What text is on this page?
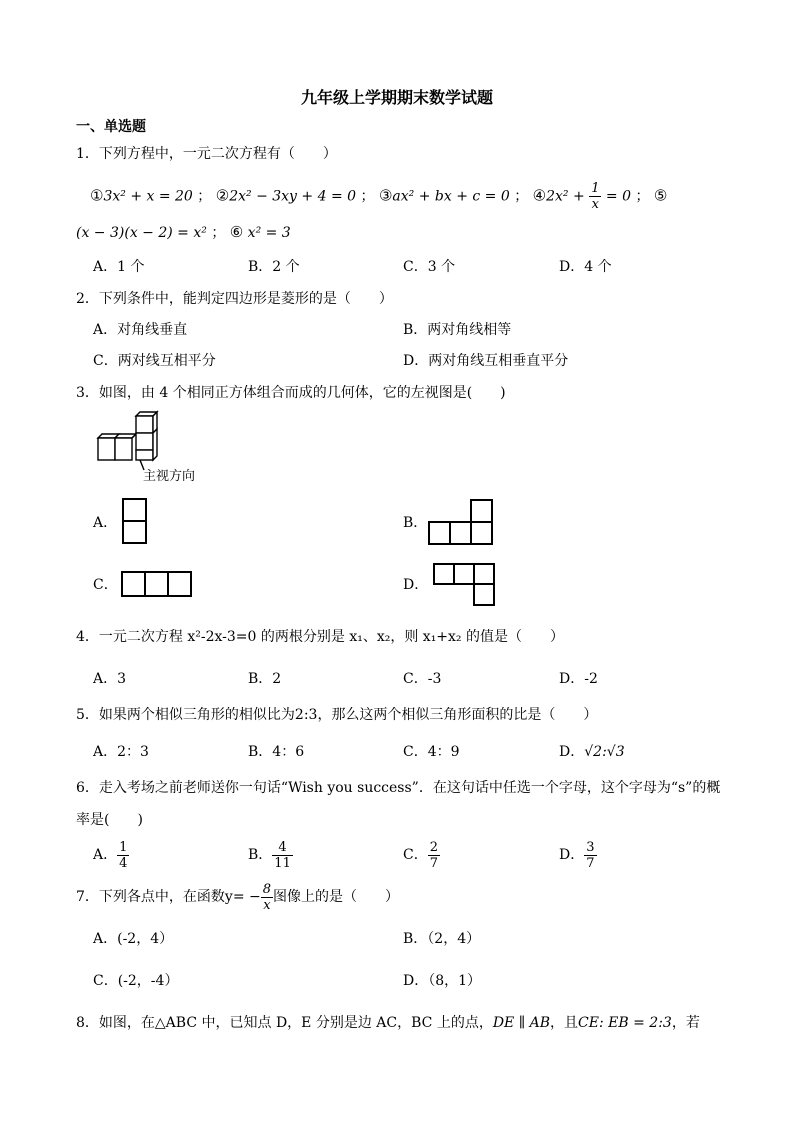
九年级上学期期末数学试题
一、单选题
1．下列方程中，一元二次方程有（　　）
①3x² + x = 20 ； ②2x² − 3xy + 4 = 0 ； ③ax² + bx + c = 0 ； ④2x² + $\frac{1}{x} = 0$ ； ⑤
(x − 3)(x − 2) = x² ； ⑥ x² = 3
A．1 个	B．2 个	C．3 个	D．4 个
2．下列条件中，能判定四边形是菱形的是（　　）
A．对角线垂直	B．两对角线相等
C．两对线互相平分	D．两对角线互相垂直平分
3．如图，由 4 个相同正方体组合而成的几何体，它的左视图是(　　)
主视方向
A．	B．
C．	D．
4．一元二次方程 x²-2x-3=0 的两根分别是 x₁、x₂，则 x₁+x₂ 的值是（　　）
A．3	B．2	C．-3	D．-2
5．如果两个相似三角形的相似比为2:3，那么这两个相似三角形面积的比是（　　）
A．2：3	B．4：6	C．4：9	D．√2:√3
6．走入考场之前老师送你一句话“Wish you success”．在这句话中任选一个字母，这个字母为“s”的概
率是(　　)
A． $\frac{1}{4}$	B． $\frac{4}{11}$	C． $\frac{2}{7}$	D． $\frac{3}{7}$
7．下列各点中，在函数$y= - \frac{8}{x}$ 图像上的是（　　）
A．(-2，4）	B．（2，4）
C．(-2，-4）	D．（8，1）
8．如图，在△ABC 中，已知点 D，E 分别是边 AC，BC 上的点，DE ∥ AB，且CE: EB = 2:3，若
